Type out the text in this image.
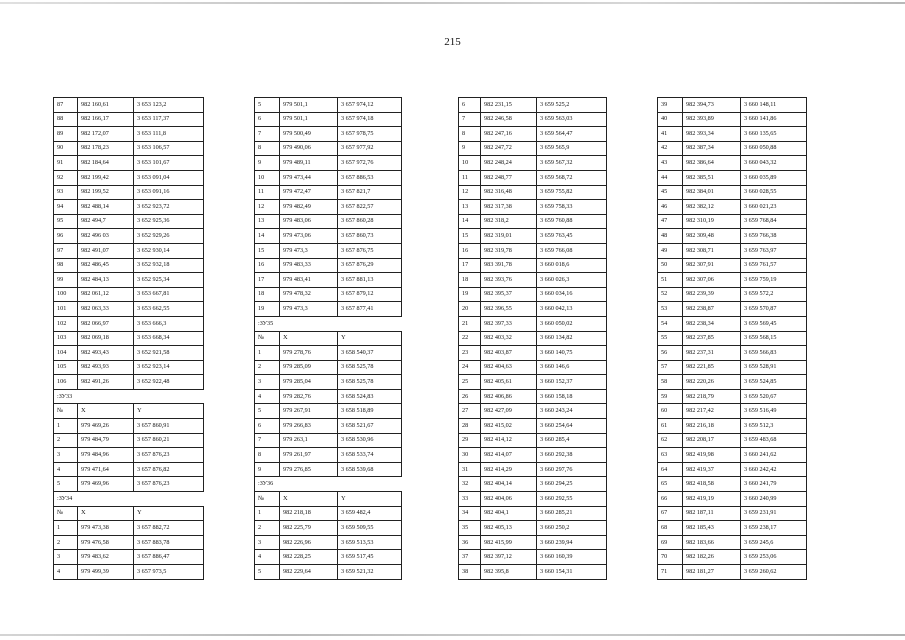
215
87	982 160,61	3 653 123,2
88	982 166,17	3 653 117,37
89	982 172,07	3 653 111,8
90	982 178,23	3 653 106,57
91	982 184,64	3 653 101,67
92	982 199,42	3 653 091,04
93	982 199,52	3 653 091,16
94	982 488,14	3 652 923,72
95	982 494,7	3 652 925,36
96	982 496 03	3 652 929,26
97	982 491,07	3 652 930,14
98	982 486,45	3 652 932,18
99	982 484,13	3 652 925,34
100	982 061,12	3 653 667,81
101	982 063,33	3 653 662,55
102	982 066,97	3 653 666,3
103	982 069,18	3 653 668,34
104	982 493,43	3 652 921,58
105	982 493,93	3 652 923,14
106	982 491,26	3 652 922,48
:ЗУ33		
№	X	Y
1	979 469,26	3 657 860,91
2	979 484,79	3 657 860,21
3	979 484,96	3 657 876,23
4	979 471,64	3 657 876,82
5	979 469,96	3 657 876,23
:ЗУ34		
№	X	Y
1	979 473,38	3 657 882,72
2	979 476,58	3 657 883,78
3	979 483,62	3 657 886,47
4	979 499,39	3 657 973,5
5	979 501,1	3 657 974,12
6	979 501,1	3 657 974,18
7	979 500,49	3 657 978,75
8	979 490,06	3 657 977,92
9	979 489,11	3 657 972,76
10	979 473,44	3 657 886,53
11	979 472,47	3 657 821,7
12	979 482,49	3 657 822,57
13	979 483,06	3 657 860,28
14	979 473,06	3 657 860,73
15	979 473,3	3 657 876,75
16	979 483,33	3 657 876,29
17	979 483,41	3 657 881,13
18	979 478,32	3 657 879,12
19	979 473,3	3 657 877,41
:ЗУ35		
№	X	Y
1	979 278,76	3 658 540,37
2	979 285,09	3 658 525,78
3	979 285,04	3 658 525,78
4	979 282,76	3 658 524,83
5	979 267,91	3 658 518,89
6	979 266,83	3 658 521,67
7	979 263,1	3 658 530,96
8	979 261,97	3 658 533,74
9	979 276,85	3 658 539,68
:ЗУ36		
№	X	Y
1	982 218,18	3 659 482,4
2	982 225,79	3 659 509,55
3	982 226,96	3 659 513,53
4	982 228,25	3 659 517,45
5	982 229,64	3 659 521,32
6	982 231,15	3 659 525,2
7	982 246,58	3 659 563,03
8	982 247,16	3 659 564,47
9	982 247,72	3 659 565,9
10	982 248,24	3 659 567,32
11	982 248,77	3 659 568,72
12	982 316,48	3 659 755,82
13	982 317,38	3 659 758,33
14	982 318,2	3 659 760,88
15	982 319,01	3 659 763,45
16	982 319,78	3 659 766,08
17	983 391,78	3 660 018,6
18	982 393,76	3 660 026,3
19	982 395,37	3 660 034,16
20	982 396,55	3 660 042,13
21	982 397,33	3 660 050,02
22	982 403,32	3 660 134,82
23	982 403,87	3 660 140,75
24	982 404,63	3 660 146,6
25	982 405,61	3 660 152,37
26	982 406,86	3 660 158,18
27	982 427,09	3 660 243,24
28	982 415,02	3 660 254,64
29	982 414,12	3 660 285,4
30	982 414,07	3 660 292,38
31	982 414,29	3 660 297,76
32	982 404,14	3 660 294,25
33	982 404,06	3 660 292,55
34	982 404,1	3 660 285,21
35	982 405,13	3 660 250,2
36	982 415,99	3 660 239,94
37	982 397,12	3 660 160,39
38	982 395,8	3 660 154,31
39	982 394,73	3 660 148,11
40	982 393,89	3 660 141,86
41	982 393,34	3 660 135,65
42	982 387,34	3 660 050,88
43	982 386,64	3 660 043,32
44	982 385,51	3 660 035,89
45	982 384,01	3 660 028,55
46	982 382,12	3 660 021,23
47	982 310,19	3 659 768,84
48	982 309,48	3 659 766,38
49	982 308,71	3 659 763,97
50	982 307,91	3 659 761,57
51	982 307,06	3 659 759,19
52	982 239,39	3 659 572,2
53	982 238,87	3 659 570,87
54	982 238,34	3 659 569,45
55	982 237,85	3 659 568,15
56	982 237,31	3 659 566,83
57	982 221,85	3 659 528,91
58	982 220,26	3 659 524,85
59	982 218,79	3 659 520,67
60	982 217,42	3 659 516,49
61	982 216,18	3 659 512,3
62	982 208,17	3 659 483,68
63	982 419,98	3 660 241,62
64	982 419,37	3 660 242,42
65	982 418,58	3 660 241,79
66	982 419,19	3 660 240,99
67	982 187,11	3 659 231,91
68	982 185,43	3 659 238,17
69	982 183,66	3 659 245,6
70	982 182,26	3 659 253,06
71	982 181,27	3 659 260,62
